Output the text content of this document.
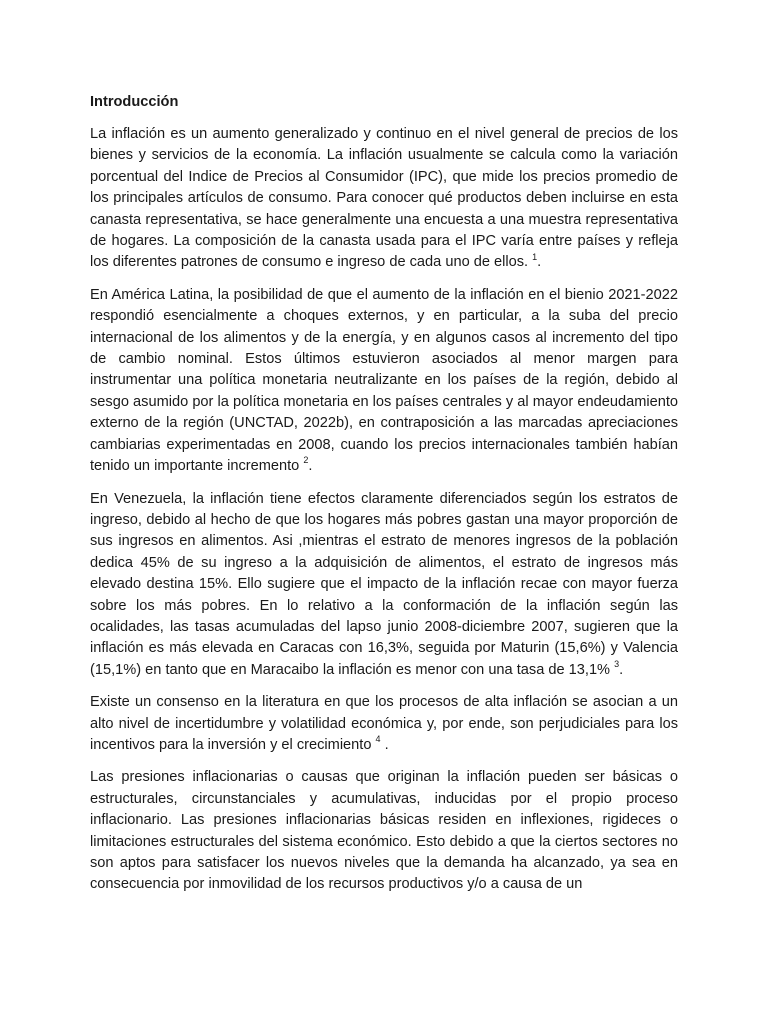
Introducción

La inflación es un aumento generalizado y continuo en el nivel general de precios de los bienes y servicios de la economía. La inflación usualmente se calcula como la variación porcentual del Indice de Precios al Consumidor (IPC), que mide los precios promedio de los principales artículos de consumo. Para conocer qué productos deben incluirse en esta canasta representativa, se hace generalmente una encuesta a una muestra representativa de hogares. La composición de la canasta usada para el IPC varía entre países y refleja los diferentes patrones de consumo e ingreso de cada uno de ellos. $^1$.

En América Latina, la posibilidad de que el aumento de la inflación en el bienio 2021-2022 respondió esencialmente a choques externos, y en particular, a la suba del precio internacional de los alimentos y de la energía, y en algunos casos al incremento del tipo de cambio nominal. Estos últimos estuvieron asociados al menor margen para instrumentar una política monetaria neutralizante en los países de la región, debido al sesgo asumido por la política monetaria en los países centrales y al mayor endeudamiento externo de la región (UNCTAD, 2022b), en contraposición a las marcadas apreciaciones cambiarias experimentadas en 2008, cuando los precios internacionales también habían tenido un importante incremento $^2$.

En Venezuela, la inflación tiene efectos claramente diferenciados según los estratos de ingreso, debido al hecho de que los hogares más pobres gastan una mayor proporción de sus ingresos en alimentos. Asi ,mientras el estrato de menores ingresos de la población dedica 45% de su ingreso a la adquisición de alimentos, el estrato de ingresos más elevado destina 15%. Ello sugiere que el impacto de la inflación recae con mayor fuerza sobre los más pobres. En lo relativo a la conformación de la inflación según las ocalidades, las tasas acumuladas del lapso junio 2008-diciembre 2007, sugieren que la inflación es más elevada en Caracas con 16,3%, seguida por Maturin (15,6%) y Valencia (15,1%) en tanto que en Maracaibo la inflación es menor con una tasa de 13,1% $^3$.

Existe un consenso en la literatura en que los procesos de alta inflación se asocian a un alto nivel de incertidumbre y volatilidad económica y, por ende, son perjudiciales para los incentivos para la inversión y el crecimiento $^4$ .

Las presiones inflacionarias o causas que originan la inflación pueden ser básicas o estructurales, circunstanciales y acumulativas, inducidas por el propio proceso inflacionario. Las presiones inflacionarias básicas residen en inflexiones, rigideces o limitaciones estructurales del sistema económico. Esto debido a que la ciertos sectores no son aptos para satisfacer los nuevos niveles que la demanda ha alcanzado, ya sea en consecuencia por inmovilidad de los recursos productivos y/o a causa de un
